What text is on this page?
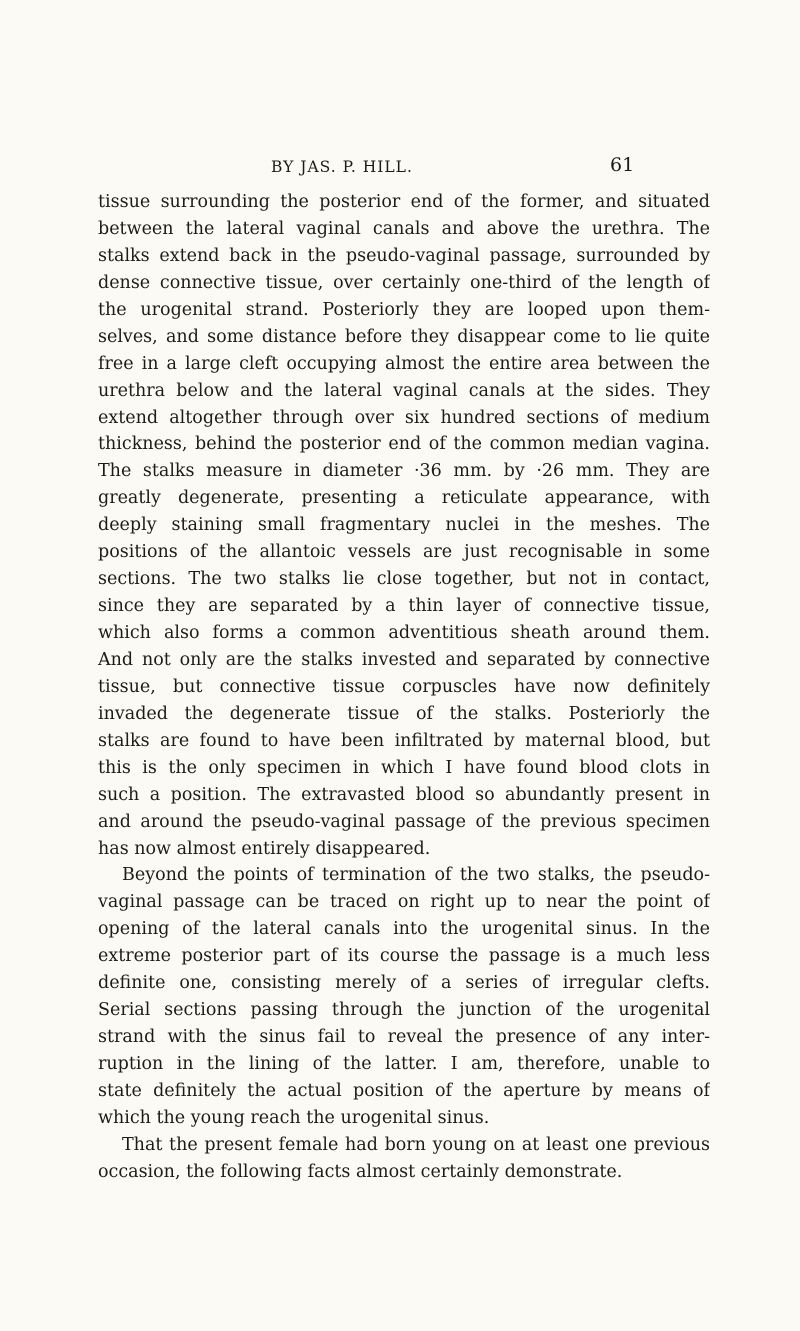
BY JAS. P. HILL.	61
tissue surrounding the posterior end of the former, and situated
between the lateral vaginal canals and above the urethra. The
stalks extend back in the pseudo-vaginal passage, surrounded by
dense connective tissue, over certainly one-third of the length of
the urogenital strand. Posteriorly they are looped upon them-
selves, and some distance before they disappear come to lie quite
free in a large cleft occupying almost the entire area between the
urethra below and the lateral vaginal canals at the sides. They
extend altogether through over six hundred sections of medium
thickness, behind the posterior end of the common median vagina.
The stalks measure in diameter ·36 mm. by ·26 mm. They are
greatly degenerate, presenting a reticulate appearance, with
deeply staining small fragmentary nuclei in the meshes. The
positions of the allantoic vessels are just recognisable in some
sections. The two stalks lie close together, but not in contact,
since they are separated by a thin layer of connective tissue,
which also forms a common adventitious sheath around them.
And not only are the stalks invested and separated by connective
tissue, but connective tissue corpuscles have now definitely
invaded the degenerate tissue of the stalks. Posteriorly the
stalks are found to have been infiltrated by maternal blood, but
this is the only specimen in which I have found blood clots in
such a position. The extravasted blood so abundantly present in
and around the pseudo-vaginal passage of the previous specimen
has now almost entirely disappeared.
Beyond the points of termination of the two stalks, the pseudo-
vaginal passage can be traced on right up to near the point of
opening of the lateral canals into the urogenital sinus. In the
extreme posterior part of its course the passage is a much less
definite one, consisting merely of a series of irregular clefts.
Serial sections passing through the junction of the urogenital
strand with the sinus fail to reveal the presence of any inter-
ruption in the lining of the latter. I am, therefore, unable to
state definitely the actual position of the aperture by means of
which the young reach the urogenital sinus.
That the present female had born young on at least one previous
occasion, the following facts almost certainly demonstrate.
